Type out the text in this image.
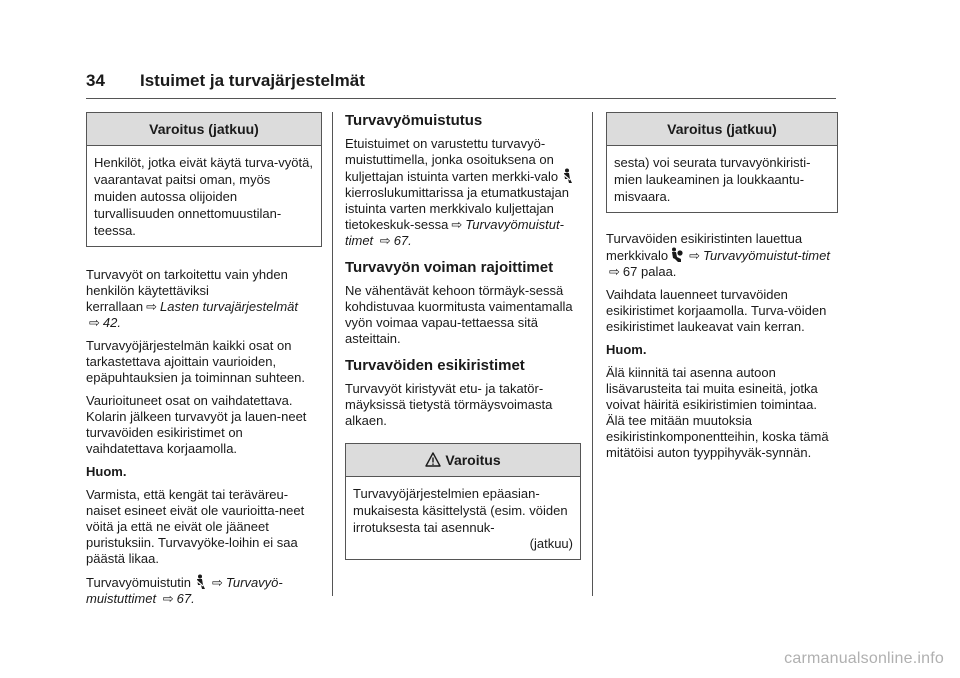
34 Istuimet ja turvajärjestelmät
Varoitus (jatkuu)

Henkilöt, jotka eivät käytä turva-vyötä, vaarantavat paitsi oman, myös muiden autossa olijoiden turvallisuuden onnettomuustilan-teessa.

Turvavyöt on tarkoitettu vain yhden henkilön käytettäviksi kerrallaan ⇨ Lasten turvajärjestelmät ⇨ 42.

Turvavyöjärjestelmän kaikki osat on tarkastettava ajoittain vaurioiden, epäpuhtauksien ja toiminnan suhteen.

Vaurioituneet osat on vaihdatettava. Kolarin jälkeen turvavyöt ja lauen-neet turvavöiden esikiristimet on vaihdatettava korjaamolla.

Huom.

Varmista, että kengät tai teräväreu-naiset esineet eivät ole vaurioitta-neet vöitä ja että ne eivät ole jääneet puristuksiin. Turvavyöke-loihin ei saa päästä likaa.

Turvavyömuistutin ⇨ Turvavyö-muistuttimet ⇨ 67.

Turvavyömuistutus

Etuistuimet on varustettu turvavyö-muistuttimella, jonka osoituksena on kuljettajan istuinta varten merkki-valokierroslukumittarissa ja etumatkustajan istuinta varten merkkivalo kuljettajan tietokeskuk-sessa ⇨ Turvavyömuistut-timet ⇨ 67.

Turvavyön voiman rajoittimet

Ne vähentävät kehoon törmäyk-sessä kohdistuvaa kuormitusta vaimentamalla vyön voimaa vapau-tettaessa sitä asteittain.

Turvavöiden esikiristimet

Turvavyöt kiristyvät etu- ja takatör-mäyksissä tietystä törmäysvoimasta alkaen.

Varoitus

Turvavyöjärjestelmien epäasian-mukaisesta käsittelystä (esim. vöiden irrotuksesta tai asennuk-

(jatkuu)

Varoitus (jatkuu)

sesta) voi seurata turvavyönkiristi-mien laukeaminen ja loukkaantu-misvaara.

Turvavöiden esikiristinten lauettua merkkivalo ⇨ Turvavyömuistut-timet ⇨ 67 palaa.

Vaihdata lauenneet turvavöiden esikiristimet korjaamolla. Turva-vöiden esikiristimet laukeavat vain kerran.

Huom.

Älä kiinnitä tai asenna autoon lisävarusteita tai muita esineitä, jotka voivat häiritä esikiristimien toimintaa. Älä tee mitään muutoksia esikiristinkomponentteihin, koska tämä mitätöisi auton tyyppihyväk-synnän.

carmanualsonline.info
